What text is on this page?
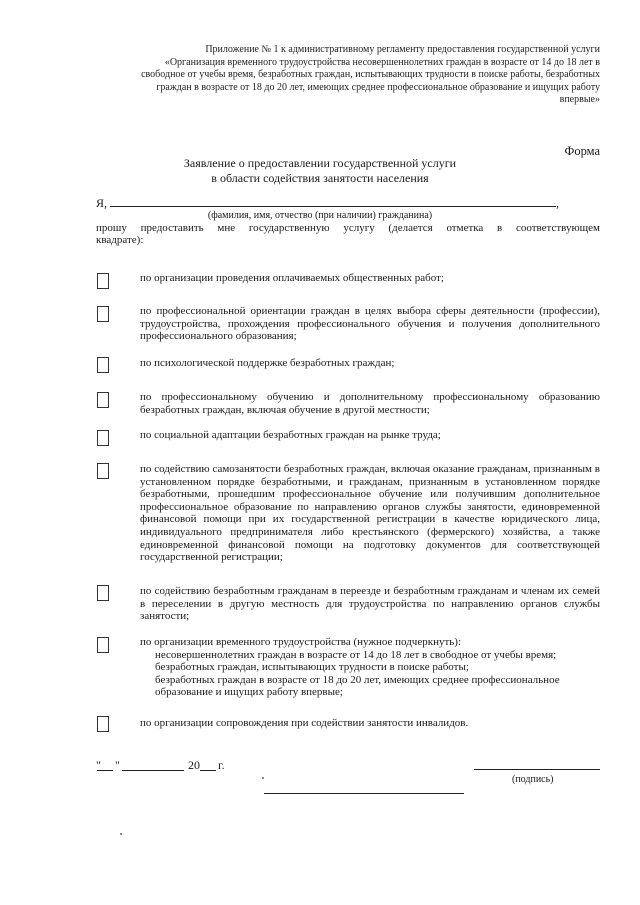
Приложение № 1 к административному регламенту предоставления государственной услуги
«Организация временного трудоустройства несовершеннолетних граждан в возрасте от 14 до 18 лет в
свободное от учебы время, безработных граждан, испытывающих трудности в поиске работы, безработных
граждан в возрасте от 18 до 20 лет, имеющих среднее профессиональное образование и ищущих работу
впервые»
Форма
Заявление о предоставлении государственной услуги
в области содействия занятости населения
Я,	,
(фамилия, имя, отчество (при наличии) гражданина)
прошу предоставить мне государственную услугу (делается отметка в соответствующем
квадрате):
по организации проведения оплачиваемых общественных работ;
по профессиональной ориентации граждан в целях выбора сферы деятельности (профессии), трудоустройства, прохождения профессионального обучения и получения дополнительного профессионального образования;
по психологической поддержке безработных граждан;
по профессиональному обучению и дополнительному профессиональному образованию безработных граждан, включая обучение в другой местности;
по социальной адаптации безработных граждан на рынке труда;
по содействию самозанятости безработных граждан, включая оказание гражданам, признанным в установленном порядке безработными, и гражданам, признанным в установленном порядке безработными, прошедшим профессиональное обучение или получившим дополнительное профессиональное образование по направлению органов службы занятости, единовременной финансовой помощи при их государственной регистрации в качестве юридического лица, индивидуального предпринимателя либо крестьянского (фермерского) хозяйства, а также единовременной финансовой помощи на подготовку документов для соответствующей государственной регистрации;
по содействию безработным гражданам в переезде и безработным гражданам и членам их семей в переселении в другую местность для трудоустройства по направлению органов службы занятости;
по организации временного трудоустройства (нужное подчеркнуть):
несовершеннолетних граждан в возрасте от 14 до 18 лет в свободное от учебы время;
безработных граждан, испытывающих трудности в поиске работы;
безработных граждан в возрасте от 18 до 20 лет, имеющих среднее профессиональное образование и ищущих работу впервые;
по организации сопровождения при содействии занятости инвалидов.
" "	20 г.
(подпись)
